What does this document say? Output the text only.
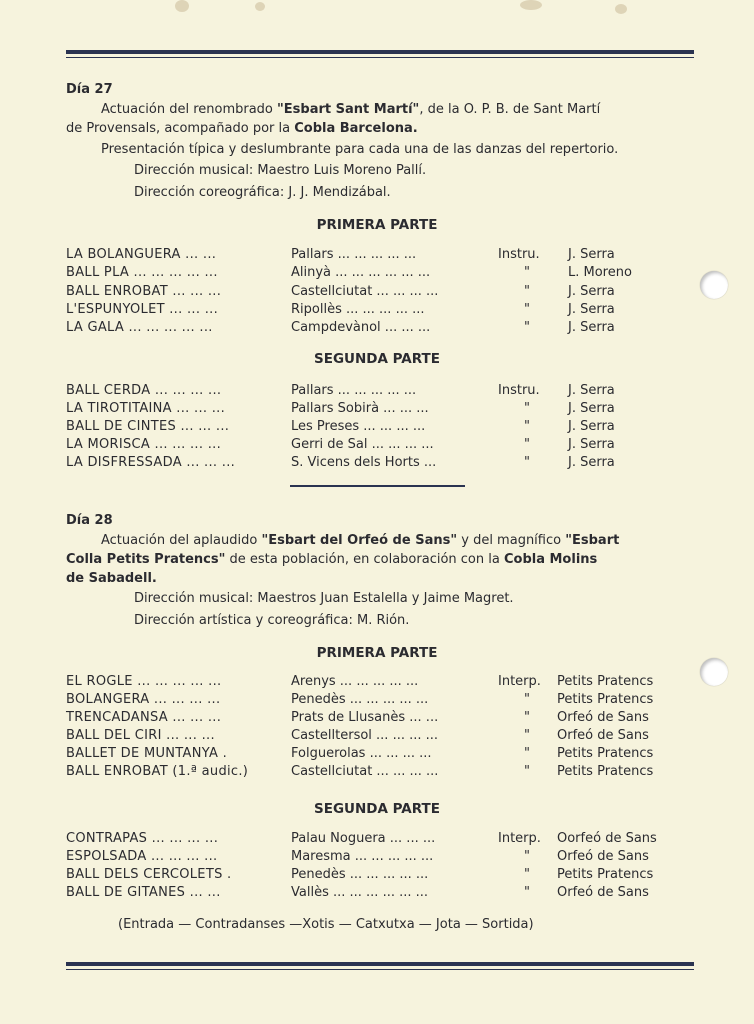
Día 27
Actuación del renombrado "Esbart Sant Martí", de la O. P. B. de Sant Martí
de Provensals, acompañado por la Cobla Barcelona.
Presentación típica y deslumbrante para cada una de las danzas del repertorio.
Dirección musical: Maestro Luis Moreno Pallí.
Dirección coreográfica: J. J. Mendizábal.
PRIMERA PARTE
LA BOLANGUERA ... ...	Pallars ... ... ... ... ...	Instru. J. Serra
BALL PLA ... ... ... ... ...	Alinyà ... ... ... ... ... ...	"	L. Moreno
BALL ENROBAT ... ... ...	Castellciutat ... ... ... ...	"	J. Serra
L'ESPUNYOLET ... ... ...	Ripollès ... ... ... ... ...	"	J. Serra
LA GALA ... ... ... ... ...	Campdevànol ... ... ...	"	J. Serra
SEGUNDA PARTE
BALL CERDA ... ... ... ...	Pallars ... ... ... ... ...	Instru. J. Serra
LA TIROTITAINA ... ... ...	Pallars Sobirà ... ... ...	"	J. Serra
BALL DE CINTES ... ... ...	Les Preses ... ... ... ...	"	J. Serra
LA MORISCA ... ... ... ...	Gerri de Sal ... ... ... ...	"	J. Serra
LA DISFRESSADA ... ... ...	S. Vicens dels Horts ...	"	J. Serra
Día 28
Actuación del aplaudido "Esbart del Orfeó de Sans" y del magnífico "Esbart
Colla Petits Pratencs" de esta población, en colaboración con la Cobla Molins
de Sabadell.
Dirección musical: Maestros Juan Estalella y Jaime Magret.
Dirección artística y coreográfica: M. Rión.
PRIMERA PARTE
EL ROGLE ... ... ... ... ...	Arenys ... ... ... ... ...	Interp. Petits Pratencs
BOLANGERA ... ... ... ...	Penedès ... ... ... ... ...	" Petits Pratencs
TRENCADANSA ... ... ...	Prats de Llusanès ... ...	" Orfeó de Sans
BALL DEL CIRI ... ... ...	Castelltersol ... ... ... ...	" Orfeó de Sans
BALLET DE MUNTANYA .	Folguerolas ... ... ... ...	" Petits Pratencs
BALL ENROBAT (1.ª audic.)	Castellciutat ... ... ... ...	" Petits Pratencs
SEGUNDA PARTE
CONTRAPAS ... ... ... ...	Palau Noguera ... ... ...	Interp. Oorfeó de Sans
ESPOLSADA ... ... ... ...	Maresma ... ... ... ... ...	" Orfeó de Sans
BALL DELS CERCOLETS .	Penedès ... ... ... ... ...	" Petits Pratencs
BALL DE GITANES ... ...	Vallès ... ... ... ... ... ...	" Orfeó de Sans
(Entrada — Contradanses —Xotis — Catxutxa — Jota — Sortida)
